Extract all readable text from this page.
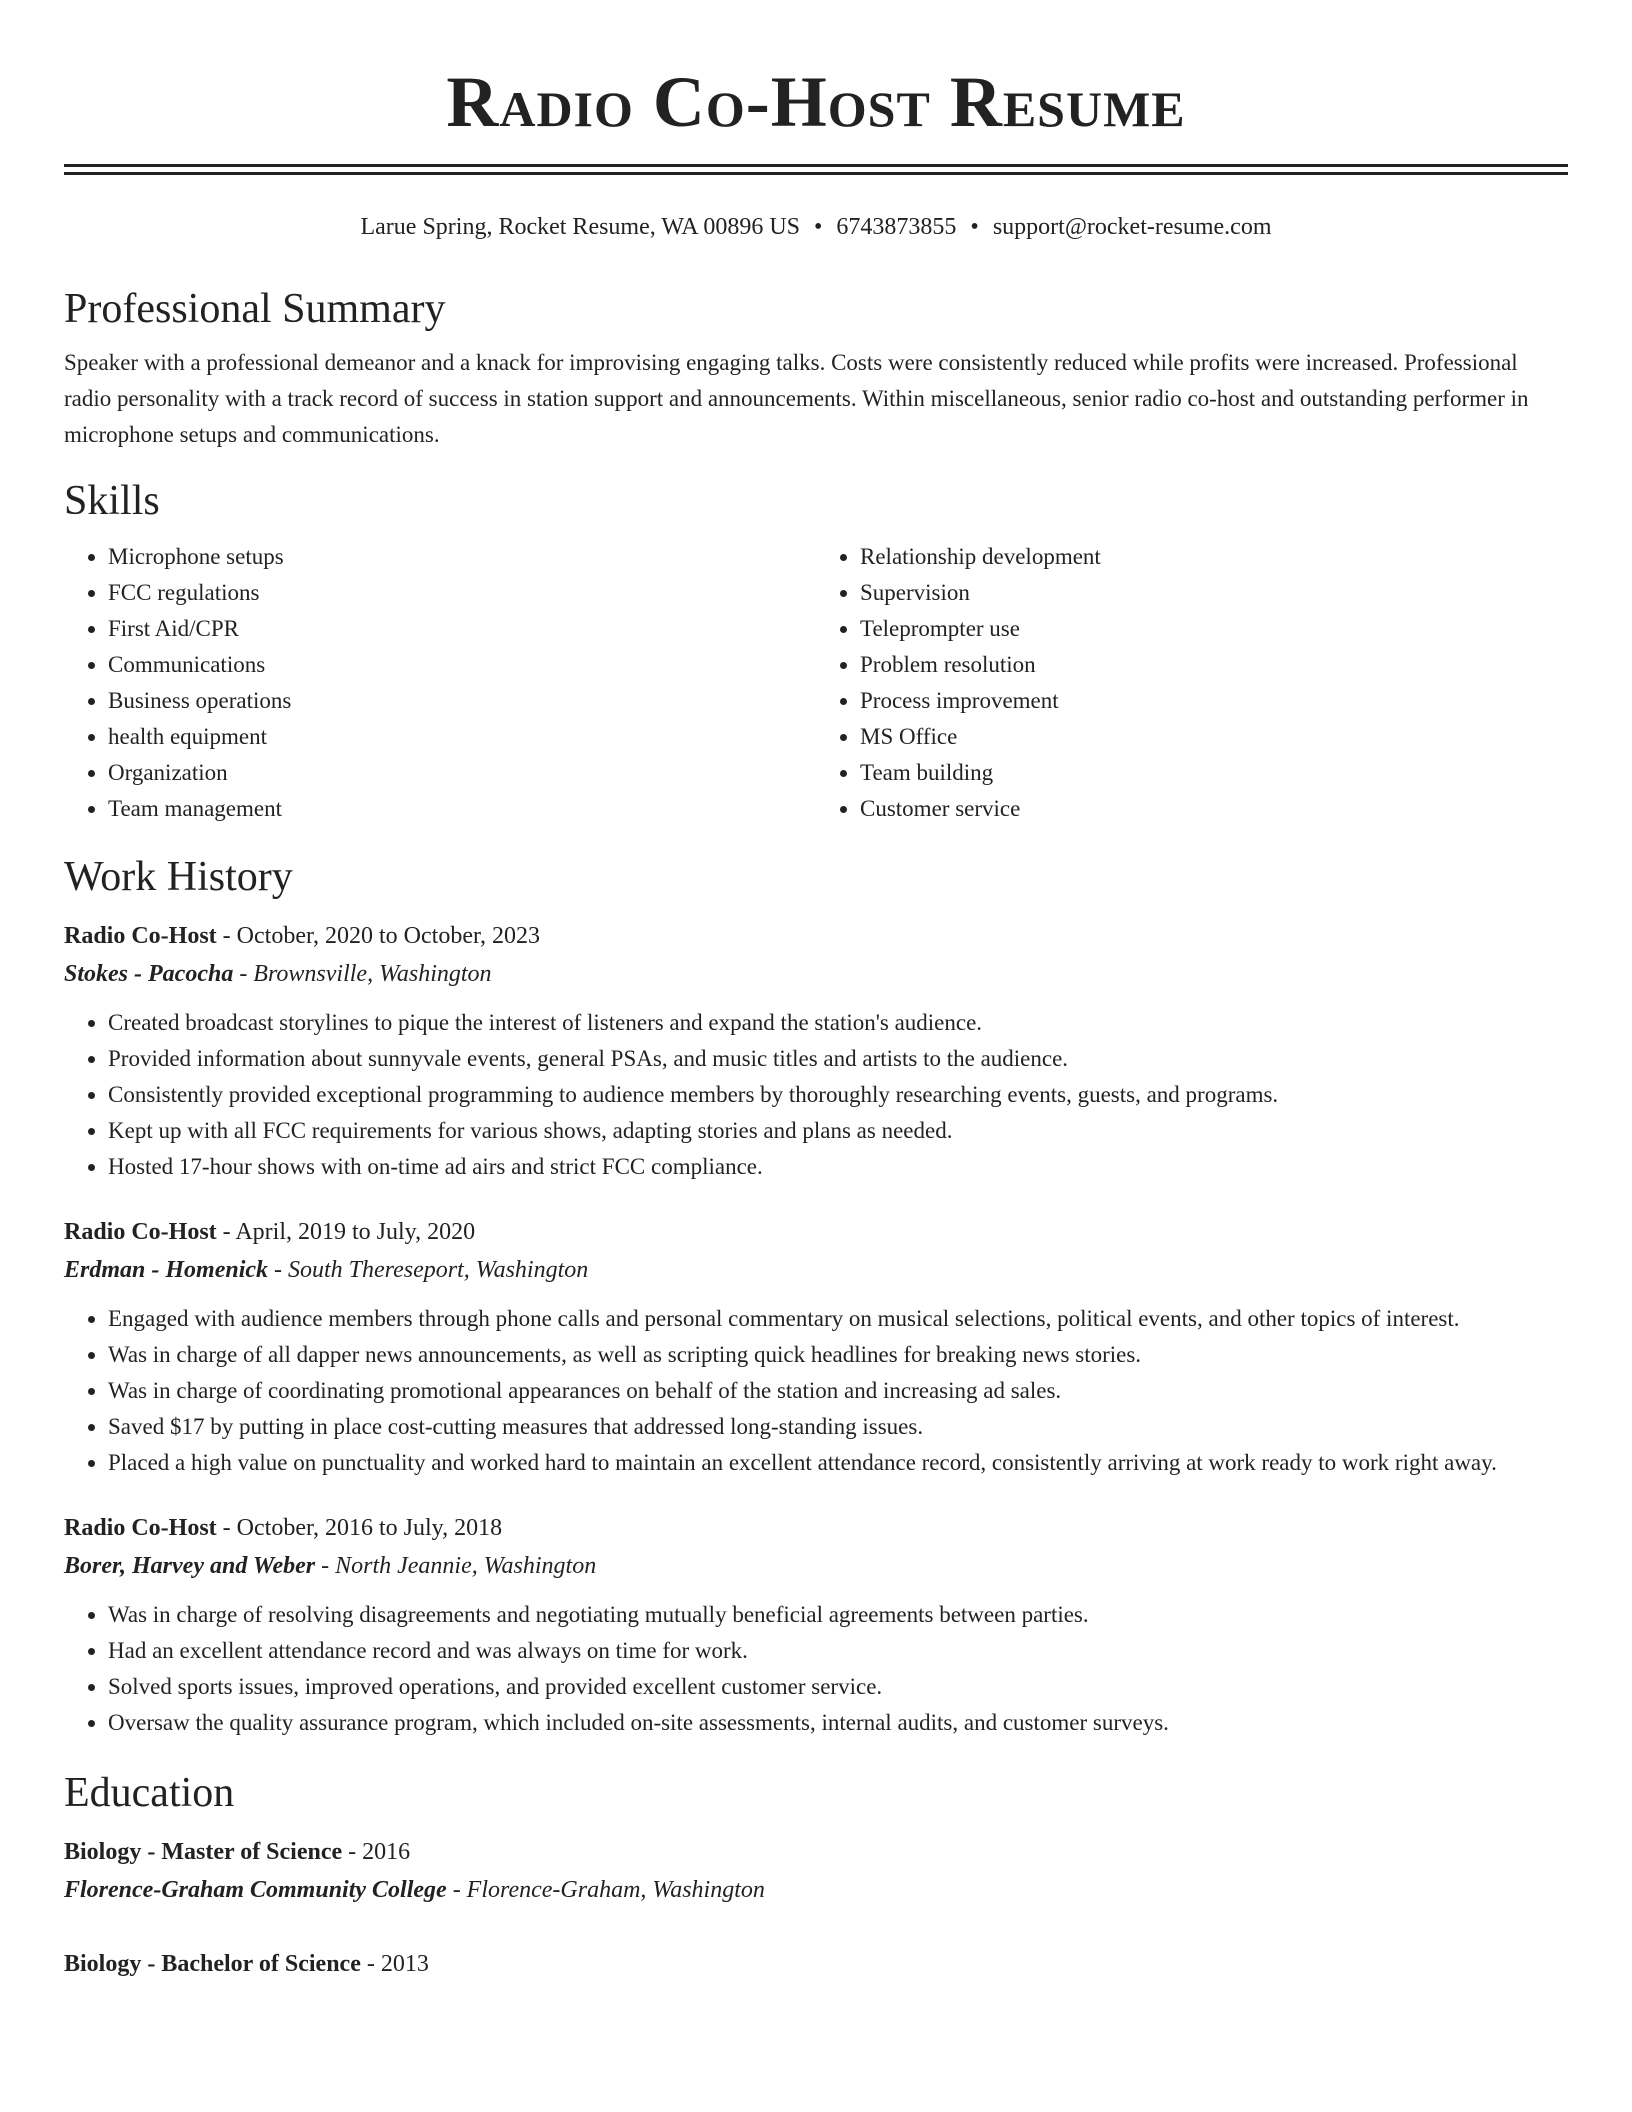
Radio Co-Host Resume
Larue Spring, Rocket Resume, WA 00896 US • 6743873855 • support@rocket-resume.com
Professional Summary
Speaker with a professional demeanor and a knack for improvising engaging talks. Costs were consistently reduced while profits were increased. Professional radio personality with a track record of success in station support and announcements. Within miscellaneous, senior radio co-host and outstanding performer in microphone setups and communications.
Skills
• Microphone setups
• FCC regulations
• First Aid/CPR
• Communications
• Business operations
• health equipment
• Organization
• Team management
• Relationship development
• Supervision
• Teleprompter use
• Problem resolution
• Process improvement
• MS Office
• Team building
• Customer service
Work History
Radio Co-Host - October, 2020 to October, 2023
Stokes - Pacocha - Brownsville, Washington
• Created broadcast storylines to pique the interest of listeners and expand the station's audience.
• Provided information about sunnyvale events, general PSAs, and music titles and artists to the audience.
• Consistently provided exceptional programming to audience members by thoroughly researching events, guests, and programs.
• Kept up with all FCC requirements for various shows, adapting stories and plans as needed.
• Hosted 17-hour shows with on-time ad airs and strict FCC compliance.
Radio Co-Host - April, 2019 to July, 2020
Erdman - Homenick - South Thereseport, Washington
• Engaged with audience members through phone calls and personal commentary on musical selections, political events, and other topics of interest.
• Was in charge of all dapper news announcements, as well as scripting quick headlines for breaking news stories.
• Was in charge of coordinating promotional appearances on behalf of the station and increasing ad sales.
• Saved $17 by putting in place cost-cutting measures that addressed long-standing issues.
• Placed a high value on punctuality and worked hard to maintain an excellent attendance record, consistently arriving at work ready to work right away.
Radio Co-Host - October, 2016 to July, 2018
Borer, Harvey and Weber - North Jeannie, Washington
• Was in charge of resolving disagreements and negotiating mutually beneficial agreements between parties.
• Had an excellent attendance record and was always on time for work.
• Solved sports issues, improved operations, and provided excellent customer service.
• Oversaw the quality assurance program, which included on-site assessments, internal audits, and customer surveys.
Education
Biology - Master of Science - 2016
Florence-Graham Community College - Florence-Graham, Washington
Biology - Bachelor of Science - 2013
